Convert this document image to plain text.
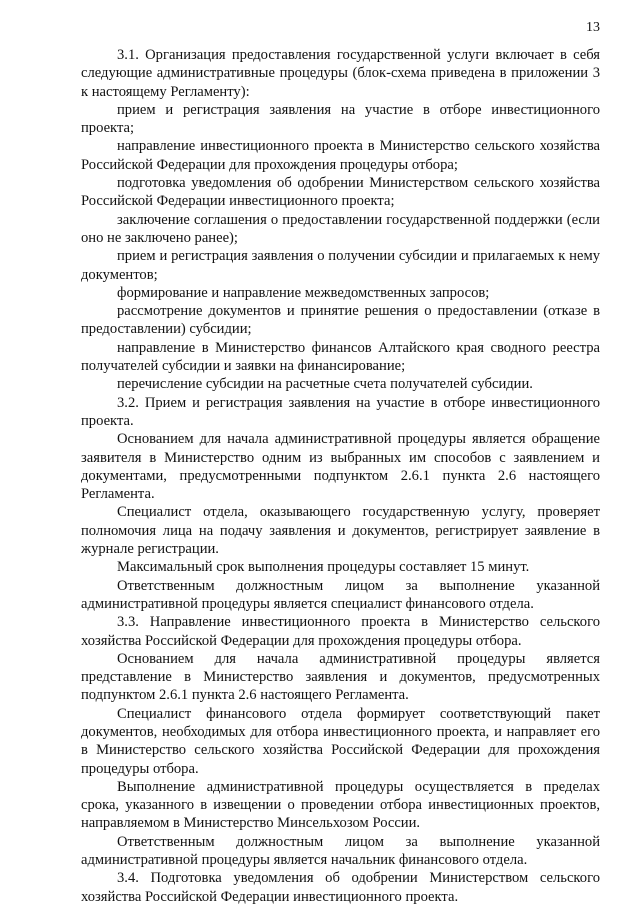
13

3.1. Организация предоставления государственной услуги включает в себя следующие административные процедуры (блок-схема приведена в приложении 3 к настоящему Регламенту):

прием и регистрация заявления на участие в отборе инвестиционного проекта;

направление инвестиционного проекта в Министерство сельского хозяйства Российской Федерации для прохождения процедуры отбора;

подготовка уведомления об одобрении Министерством сельского хозяйства Российской Федерации инвестиционного проекта;

заключение соглашения о предоставлении государственной поддержки (если оно не заключено ранее);

прием и регистрация заявления о получении субсидии и прилагаемых к нему документов;

формирование и направление межведомственных запросов;

рассмотрение документов и принятие решения о предоставлении (отказе в предоставлении) субсидии;

направление в Министерство финансов Алтайского края сводного реестра получателей субсидии и заявки на финансирование;

перечисление субсидии на расчетные счета получателей субсидии.

3.2. Прием и регистрация заявления на участие в отборе инвестиционного проекта.

Основанием для начала административной процедуры является обращение заявителя в Министерство одним из выбранных им способов с заявлением и документами, предусмотренными подпунктом 2.6.1 пункта 2.6 настоящего Регламента.

Специалист отдела, оказывающего государственную услугу, проверяет полномочия лица на подачу заявления и документов, регистрирует заявление в журнале регистрации.

Максимальный срок выполнения процедуры составляет 15 минут.

Ответственным должностным лицом за выполнение указанной административной процедуры является специалист финансового отдела.

3.3. Направление инвестиционного проекта в Министерство сельского хозяйства Российской Федерации для прохождения процедуры отбора.

Основанием для начала административной процедуры является представление в Министерство заявления и документов, предусмотренных подпунктом 2.6.1 пункта 2.6 настоящего Регламента.

Специалист финансового отдела формирует соответствующий пакет документов, необходимых для отбора инвестиционного проекта, и направляет его в Министерство сельского хозяйства Российской Федерации для прохождения процедуры отбора.

Выполнение административной процедуры осуществляется в пределах срока, указанного в извещении о проведении отбора инвестиционных проектов, направляемом в Министерство Минсельхозом России.

Ответственным должностным лицом за выполнение указанной административной процедуры является начальник финансового отдела.

3.4. Подготовка уведомления об одобрении Министерством сельского хозяйства Российской Федерации инвестиционного проекта.
